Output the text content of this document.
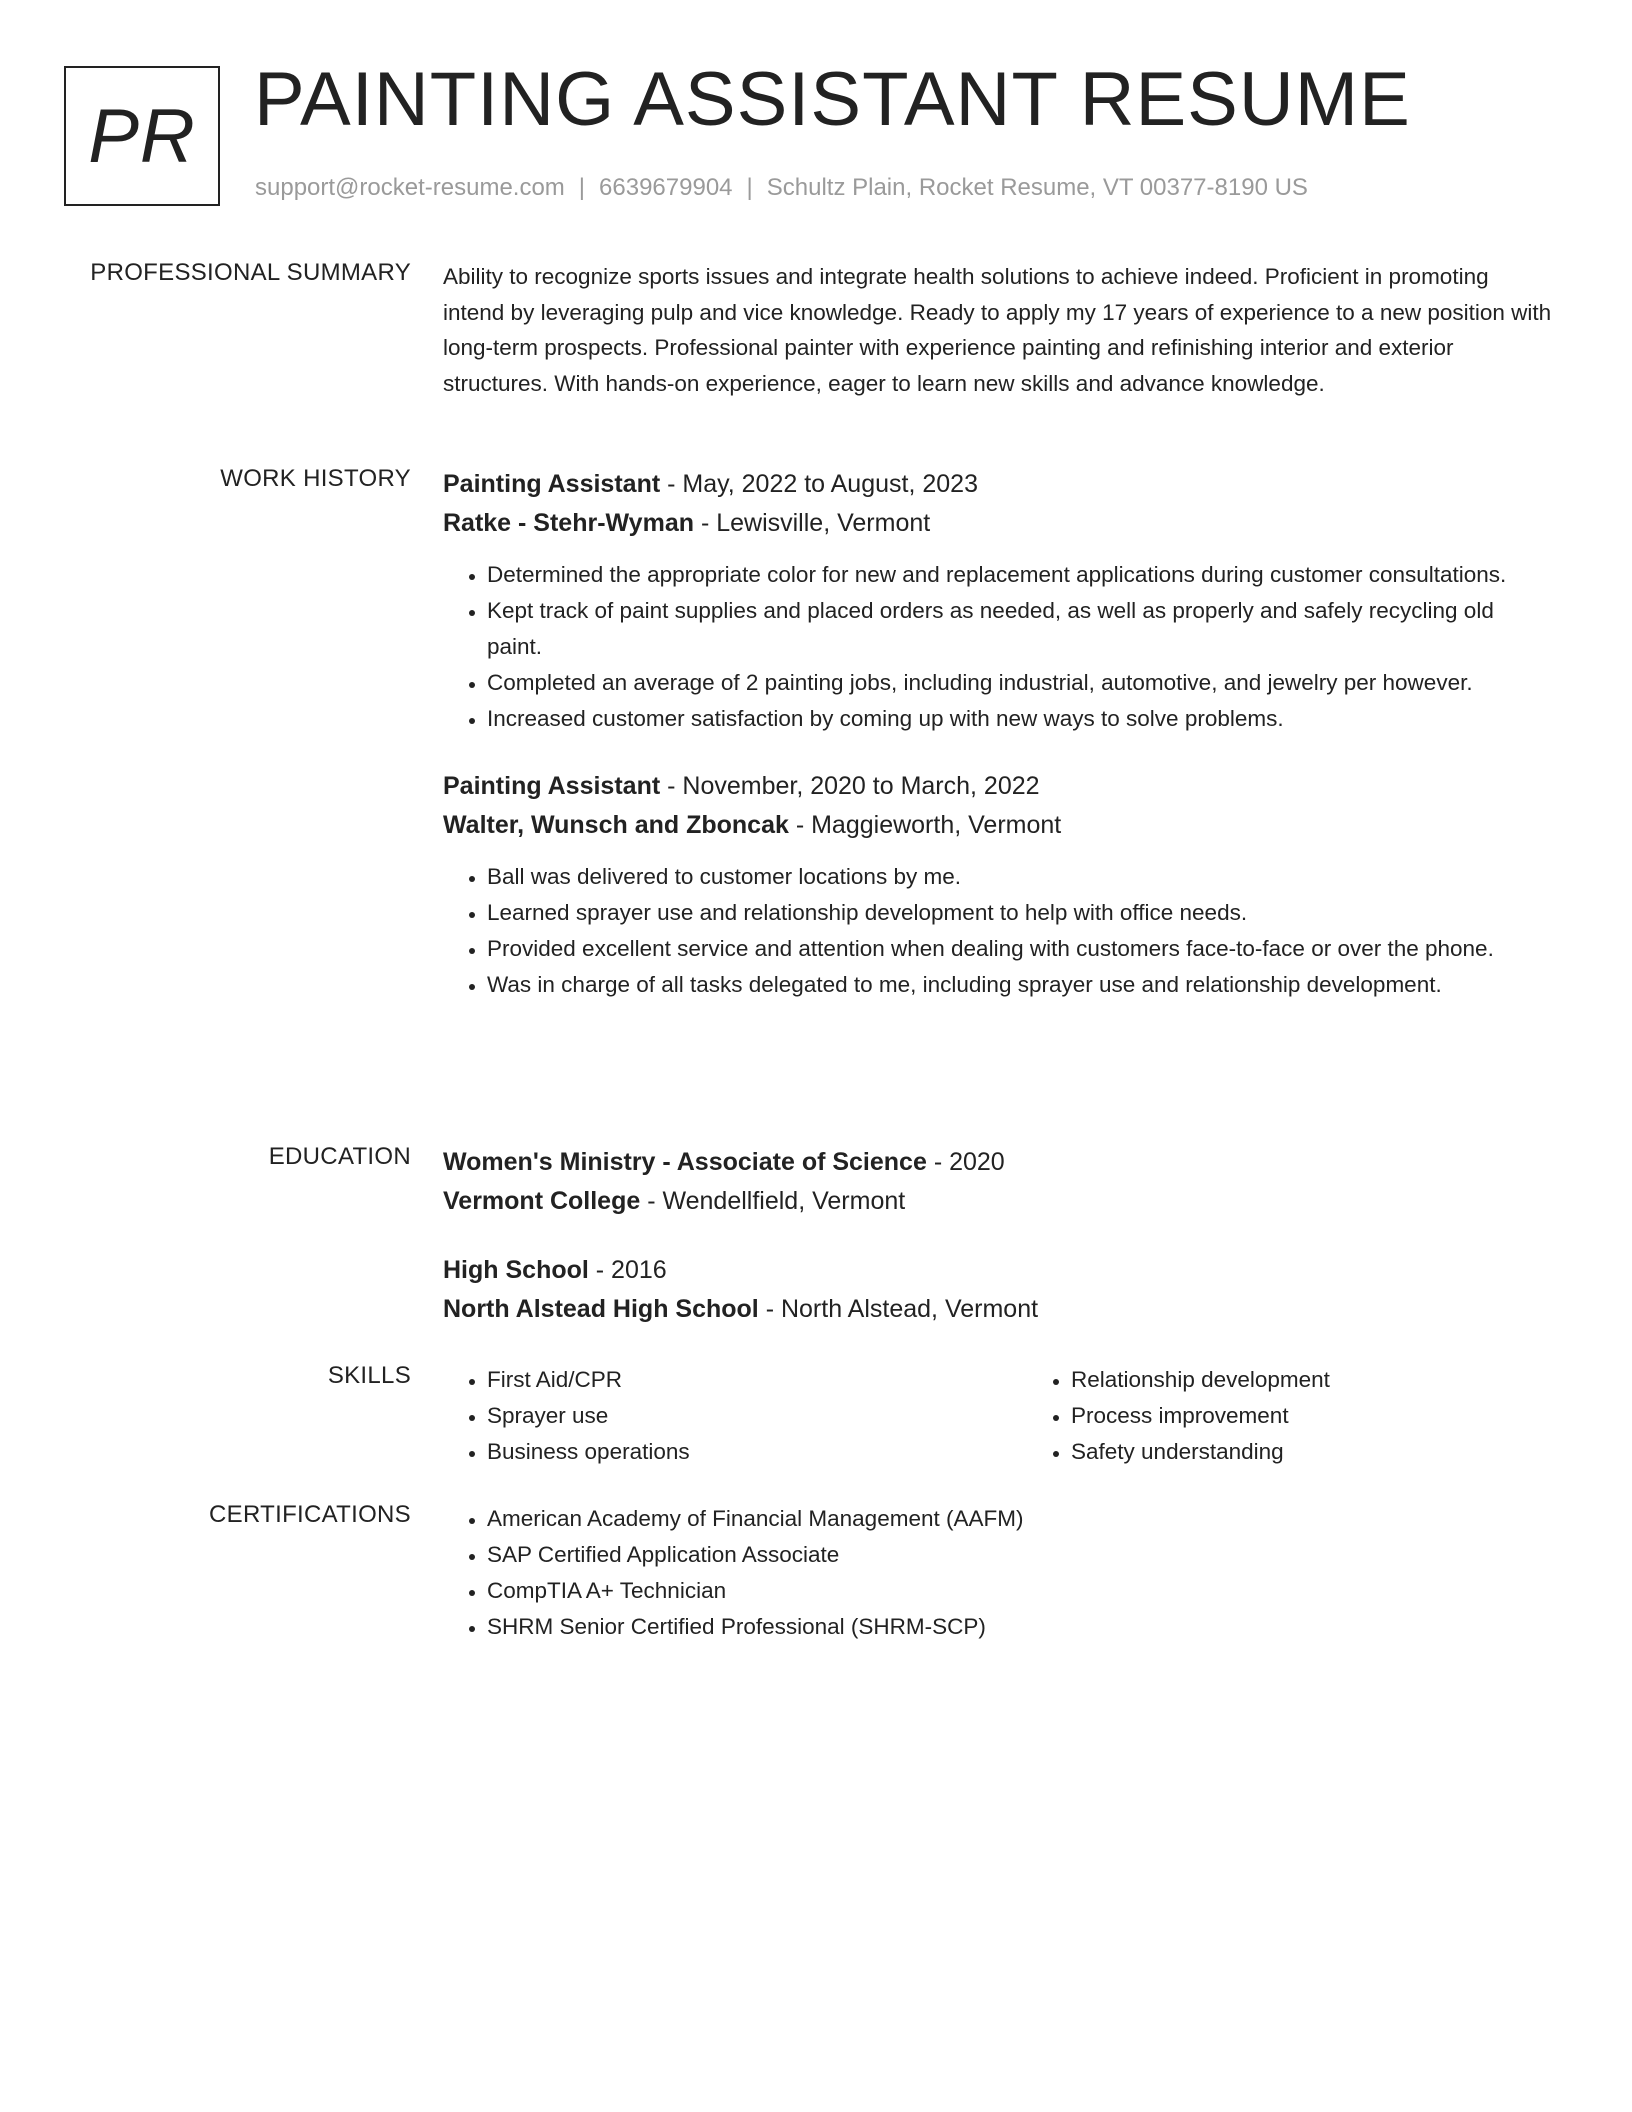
PR PAINTING ASSISTANT RESUME
support@rocket-resume.com | 6639679904 | Schultz Plain, Rocket Resume, VT 00377-8190 US
PROFESSIONAL SUMMARY Ability to recognize sports issues and integrate health solutions to achieve indeed. Proficient in promoting intend by leveraging pulp and vice knowledge. Ready to apply my 17 years of experience to a new position with long-term prospects. Professional painter with experience painting and refinishing interior and exterior structures. With hands-on experience, eager to learn new skills and advance knowledge.

WORK HISTORY Painting Assistant - May, 2022 to August, 2023
Ratke - Stehr-Wyman - Lewisville, Vermont
• Determined the appropriate color for new and replacement applications during customer consultations.
• Kept track of paint supplies and placed orders as needed, as well as properly and safely recycling old paint.
• Completed an average of 2 painting jobs, including industrial, automotive, and jewelry per however.
• Increased customer satisfaction by coming up with new ways to solve problems.
Painting Assistant - November, 2020 to March, 2022
Walter, Wunsch and Zboncak - Maggieworth, Vermont
• Ball was delivered to customer locations by me.
• Learned sprayer use and relationship development to help with office needs.
• Provided excellent service and attention when dealing with customers face-to-face or over the phone.
• Was in charge of all tasks delegated to me, including sprayer use and relationship development.
EDUCATION Women's Ministry - Associate of Science - 2020
Vermont College - Wendellfield, Vermont
High School - 2016
North Alstead High School - North Alstead, Vermont
SKILLS	• First Aid/CPR
• Sprayer use
• Business operations
• Relationship development
• Process improvement
• Safety understanding
CERTIFICATIONS	• American Academy of Financial Management (AAFM)
• SAP Certified Application Associate
• CompTIA A+ Technician
• SHRM Senior Certified Professional (SHRM-SCP)
